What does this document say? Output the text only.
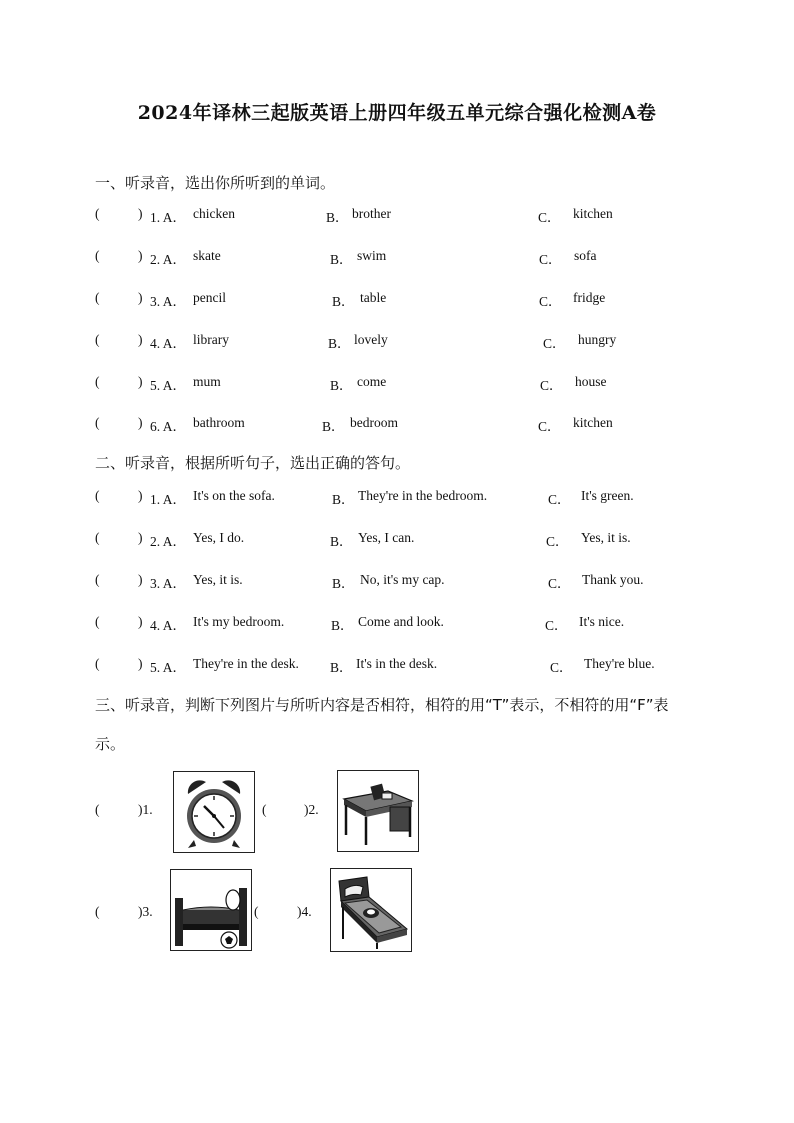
2024年译林三起版英语上册四年级五单元综合强化检测A卷
一、听录音，选出你所听到的单词。
(	) 1. A． chicken	B． brother	C． kitchen
(	) 2. A． skate	B． swim	C． sofa
(	) 3. A． pencil	B． table	C． fridge
(	) 4. A． library	B． lovely	C． hungry
(	) 5. A． mum	B． come	C． house
(	) 6. A． bathroom	B． bedroom	C． kitchen
二、听录音，根据所听句子，选出正确的答句。
(	) 1. A． It's on the sofa.	B． They're in the bedroom.	C． It's green.
(	) 2. A． Yes, I do.	B． Yes, I can.	C． Yes, it is.
(	) 3. A． Yes, it is.	B． No, it's my cap.	C． Thank you.
(	) 4. A． It's my bedroom.	B． Come and look.	C． It's nice.
(	) 5. A． They're in the desk. B． It's in the desk.	C． They're blue.
三、听录音，判断下列图片与所听内容是否相符，相符的用“T”表示，不相符的用“F”表
示。
(	)1.	(	)2.
(	)3.	(	)4.
